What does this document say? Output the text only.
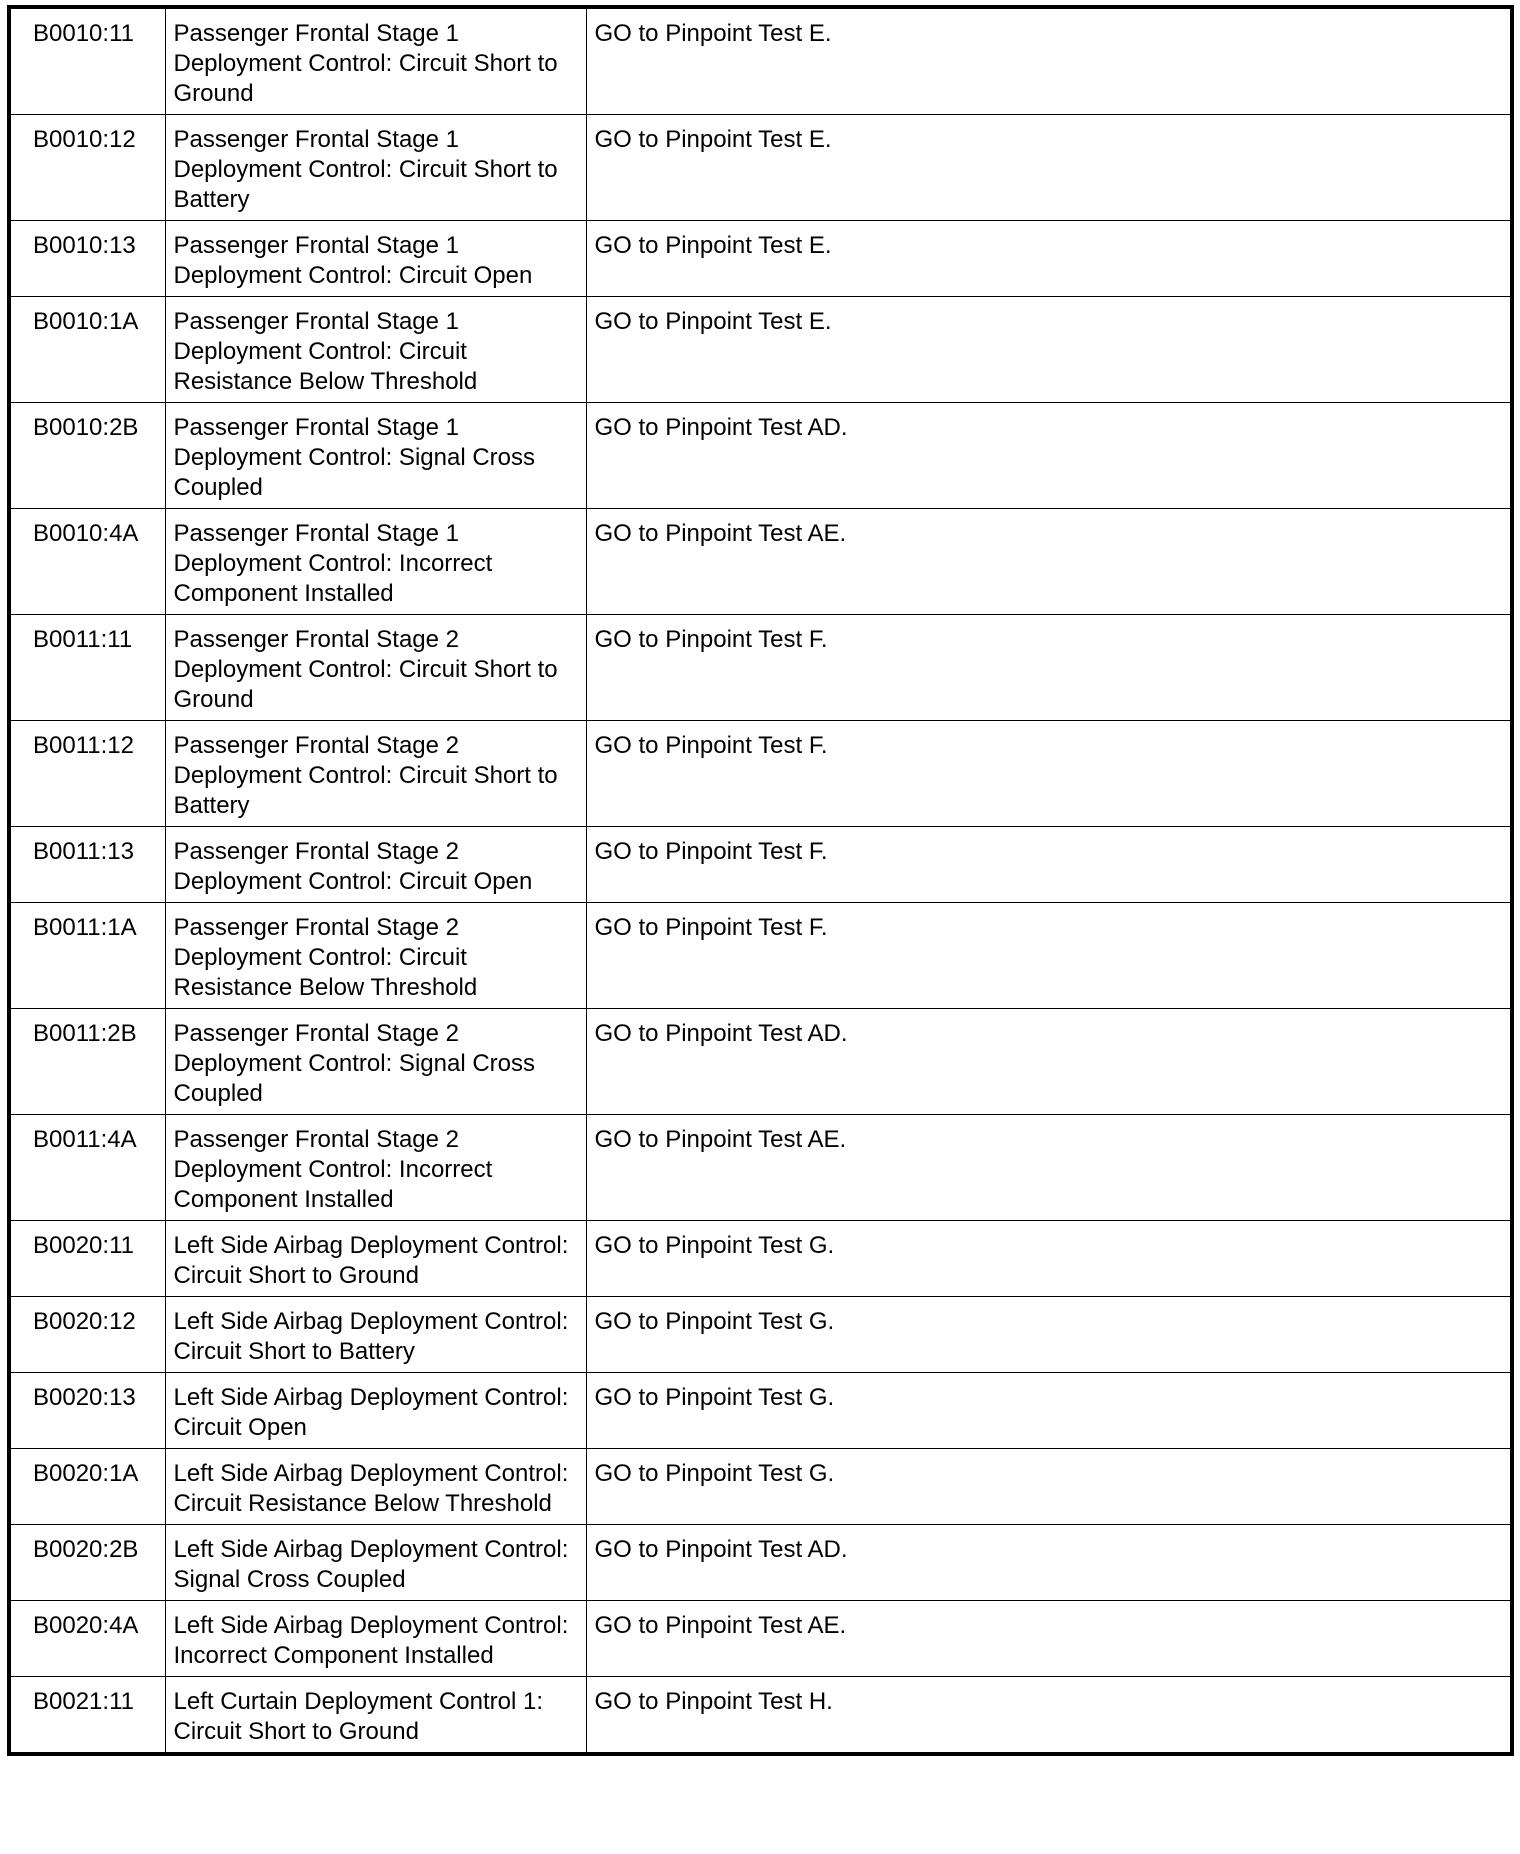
B0010:11	Passenger Frontal Stage 1 Deployment Control: Circuit Short to Ground	GO to Pinpoint Test E.
B0010:12	Passenger Frontal Stage 1 Deployment Control: Circuit Short to Battery	GO to Pinpoint Test E.
B0010:13	Passenger Frontal Stage 1 Deployment Control: Circuit Open	GO to Pinpoint Test E.
B0010:1A	Passenger Frontal Stage 1 Deployment Control: Circuit Resistance Below Threshold	GO to Pinpoint Test E.
B0010:2B	Passenger Frontal Stage 1 Deployment Control: Signal Cross Coupled	GO to Pinpoint Test AD.
B0010:4A	Passenger Frontal Stage 1 Deployment Control: Incorrect Component Installed	GO to Pinpoint Test AE.
B0011:11	Passenger Frontal Stage 2 Deployment Control: Circuit Short to Ground	GO to Pinpoint Test F.
B0011:12	Passenger Frontal Stage 2 Deployment Control: Circuit Short to Battery	GO to Pinpoint Test F.
B0011:13	Passenger Frontal Stage 2 Deployment Control: Circuit Open	GO to Pinpoint Test F.
B0011:1A	Passenger Frontal Stage 2 Deployment Control: Circuit Resistance Below Threshold	GO to Pinpoint Test F.
B0011:2B	Passenger Frontal Stage 2 Deployment Control: Signal Cross Coupled	GO to Pinpoint Test AD.
B0011:4A	Passenger Frontal Stage 2 Deployment Control: Incorrect Component Installed	GO to Pinpoint Test AE.
B0020:11	Left Side Airbag Deployment Control: Circuit Short to Ground	GO to Pinpoint Test G.
B0020:12	Left Side Airbag Deployment Control: Circuit Short to Battery	GO to Pinpoint Test G.
B0020:13	Left Side Airbag Deployment Control: Circuit Open	GO to Pinpoint Test G.
B0020:1A	Left Side Airbag Deployment Control: Circuit Resistance Below Threshold	GO to Pinpoint Test G.
B0020:2B	Left Side Airbag Deployment Control: Signal Cross Coupled	GO to Pinpoint Test AD.
B0020:4A	Left Side Airbag Deployment Control: Incorrect Component Installed	GO to Pinpoint Test AE.
B0021:11	Left Curtain Deployment Control 1: Circuit Short to Ground	GO to Pinpoint Test H.
